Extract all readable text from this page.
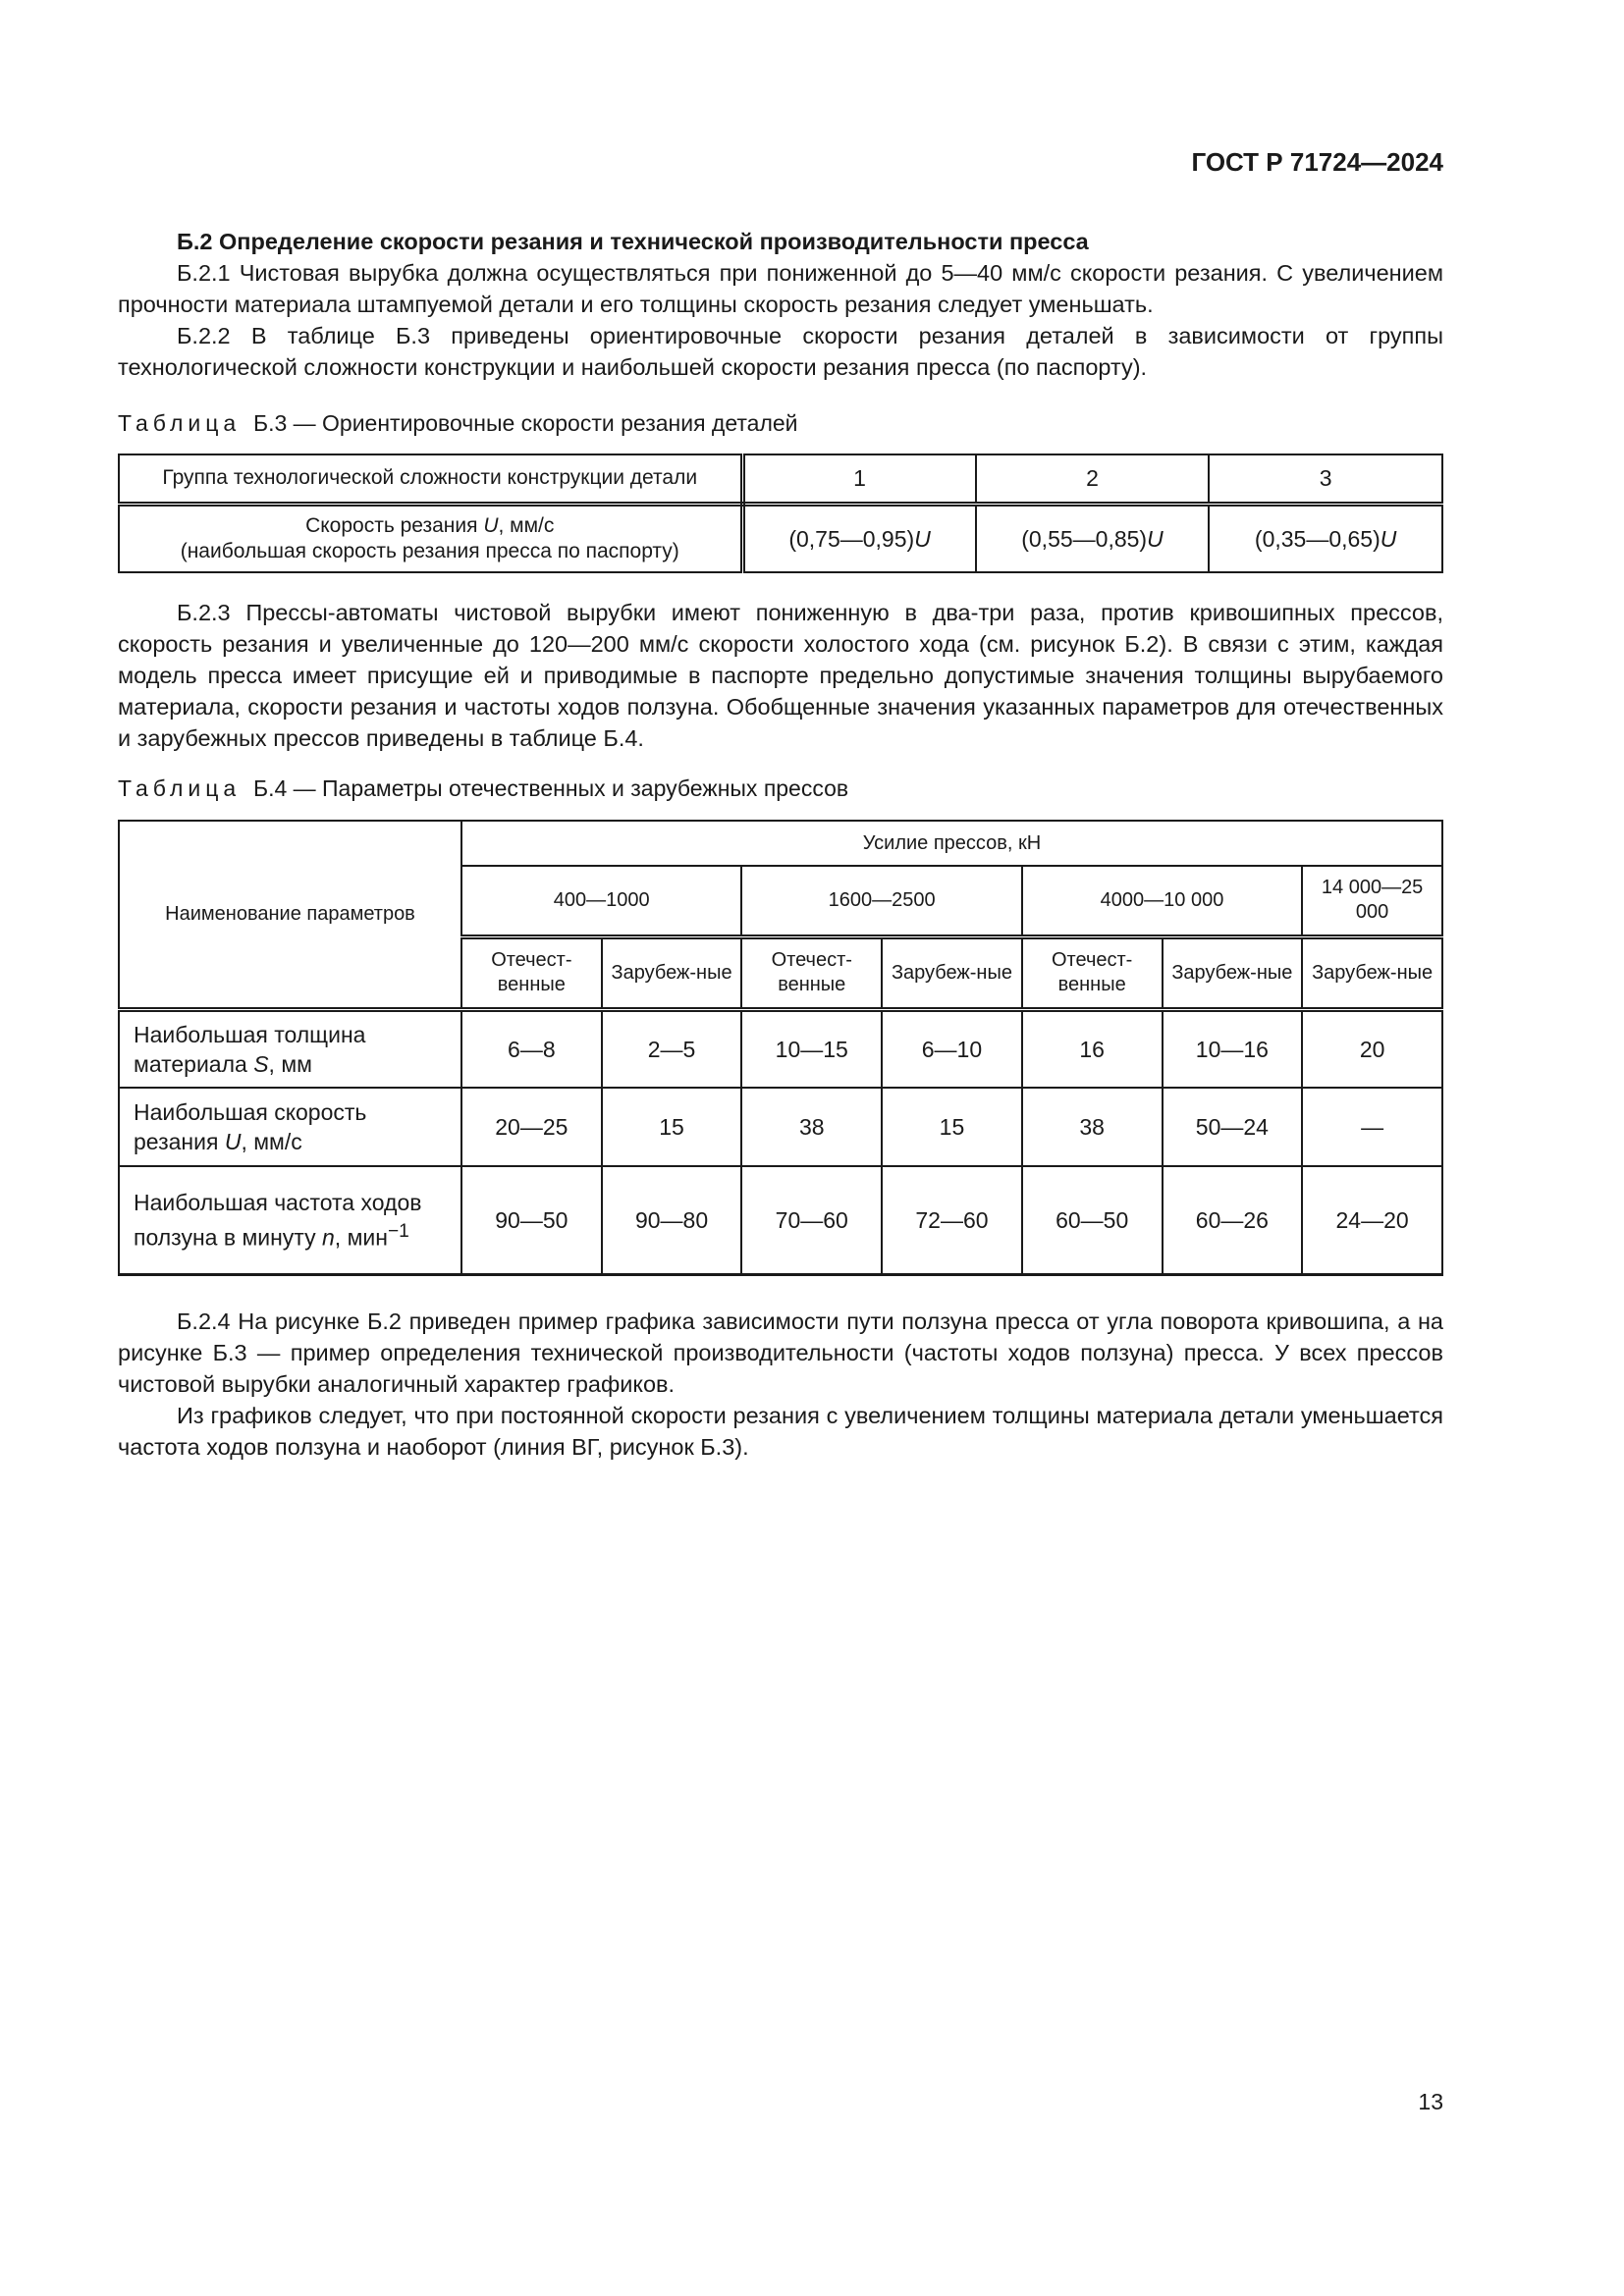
ГОСТ Р 71724—2024

Б.2 Определение скорости резания и технической производительности пресса

Б.2.1 Чистовая вырубка должна осуществляться при пониженной до 5—40 мм/с скорости резания. С увеличением прочности материала штампуемой детали и его толщины скорость резания следует уменьшать.

Б.2.2 В таблице Б.3 приведены ориентировочные скорости резания деталей в зависимости от группы технологической сложности конструкции и наибольшей скорости резания пресса (по паспорту).

Таблица Б.3 — Ориентировочные скорости резания деталей
Группа технологической сложности конструкции детали	1	2	3
Скорость резания U, мм/с
(наибольшая скорость резания пресса по паспорту)	(0,75—0,95)U	(0,55—0,85)U	(0,35—0,65)U

Б.2.3 Прессы-автоматы чистовой вырубки имеют пониженную в два-три раза, против кривошипных прессов, скорость резания и увеличенные до 120—200 мм/с скорости холостого хода (см. рисунок Б.2). В связи с этим, каждая модель пресса имеет присущие ей и приводимые в паспорте предельно допустимые значения толщины вырубаемого материала, скорости резания и частоты ходов ползуна. Обобщенные значения указанных параметров для отечественных и зарубежных прессов приведены в таблице Б.4.

Таблица Б.4 — Параметры отечественных и зарубежных прессов
Наименование параметров	Усилие прессов, кН						
	400—1000		1600—2500		4000—10 000		14 000—25 000
	Отечест-венные	Зарубеж-ные	Отечест-венные	Зарубеж-ные	Отечест-венные	Зарубеж-ные	Зарубеж-ные
Наибольшая толщина материала S, мм	6—8	2—5	10—15	6—10	16	10—16	20
Наибольшая скорость резания U, мм/с	20—25	15	38	15	38	50—24	—
Наибольшая частота ходов ползуна в минуту n, мин$^{-1}$	90—50	90—80	70—60	72—60	60—50	60—26	24—20

Б.2.4 На рисунке Б.2 приведен пример графика зависимости пути ползуна пресса от угла поворота кривошипа, а на рисунке Б.3 — пример определения технической производительности (частоты ходов ползуна) пресса. У всех прессов чистовой вырубки аналогичный характер графиков.

Из графиков следует, что при постоянной скорости резания с увеличением толщины материала детали уменьшается частота ходов ползуна и наоборот (линия ВГ, рисунок Б.3).

13
